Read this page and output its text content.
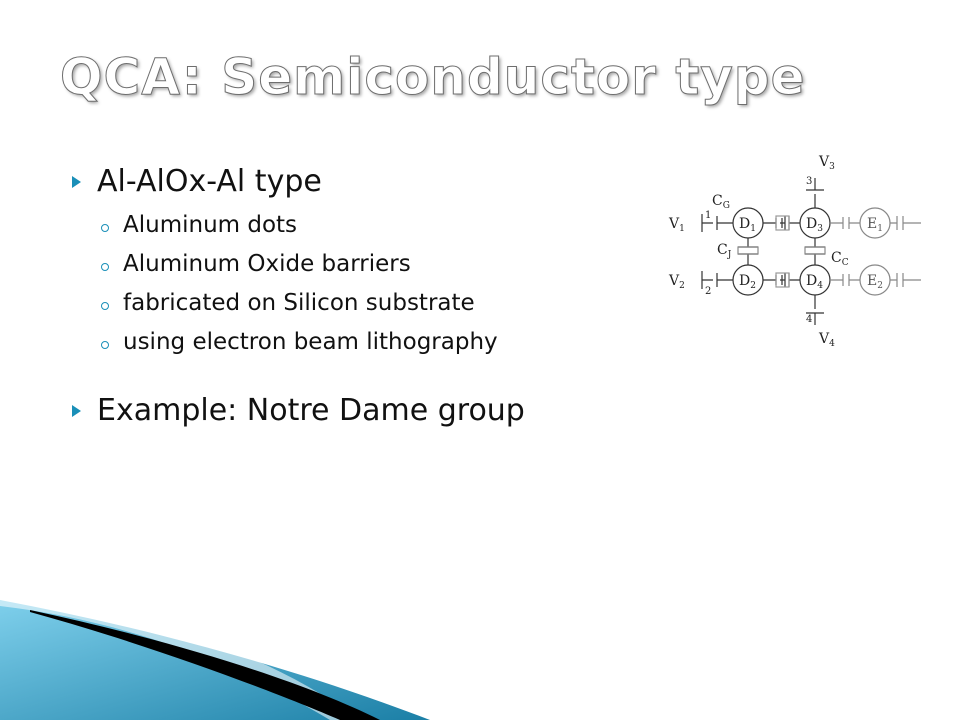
QCA: Semiconductor type
Al-AlOx-Al type
Aluminum dots
Aluminum Oxide barriers
fabricated on Silicon substrate
using electron beam lithography
Example: Notre Dame group
$V_1$
$V_2$
$V_3$
$V_4$
$C_G$
$C_J$	$C_C$
$D_1$	$D_3$
$D_2$	$D_4$
$E_1$
$E_2$
1
2
3
4
